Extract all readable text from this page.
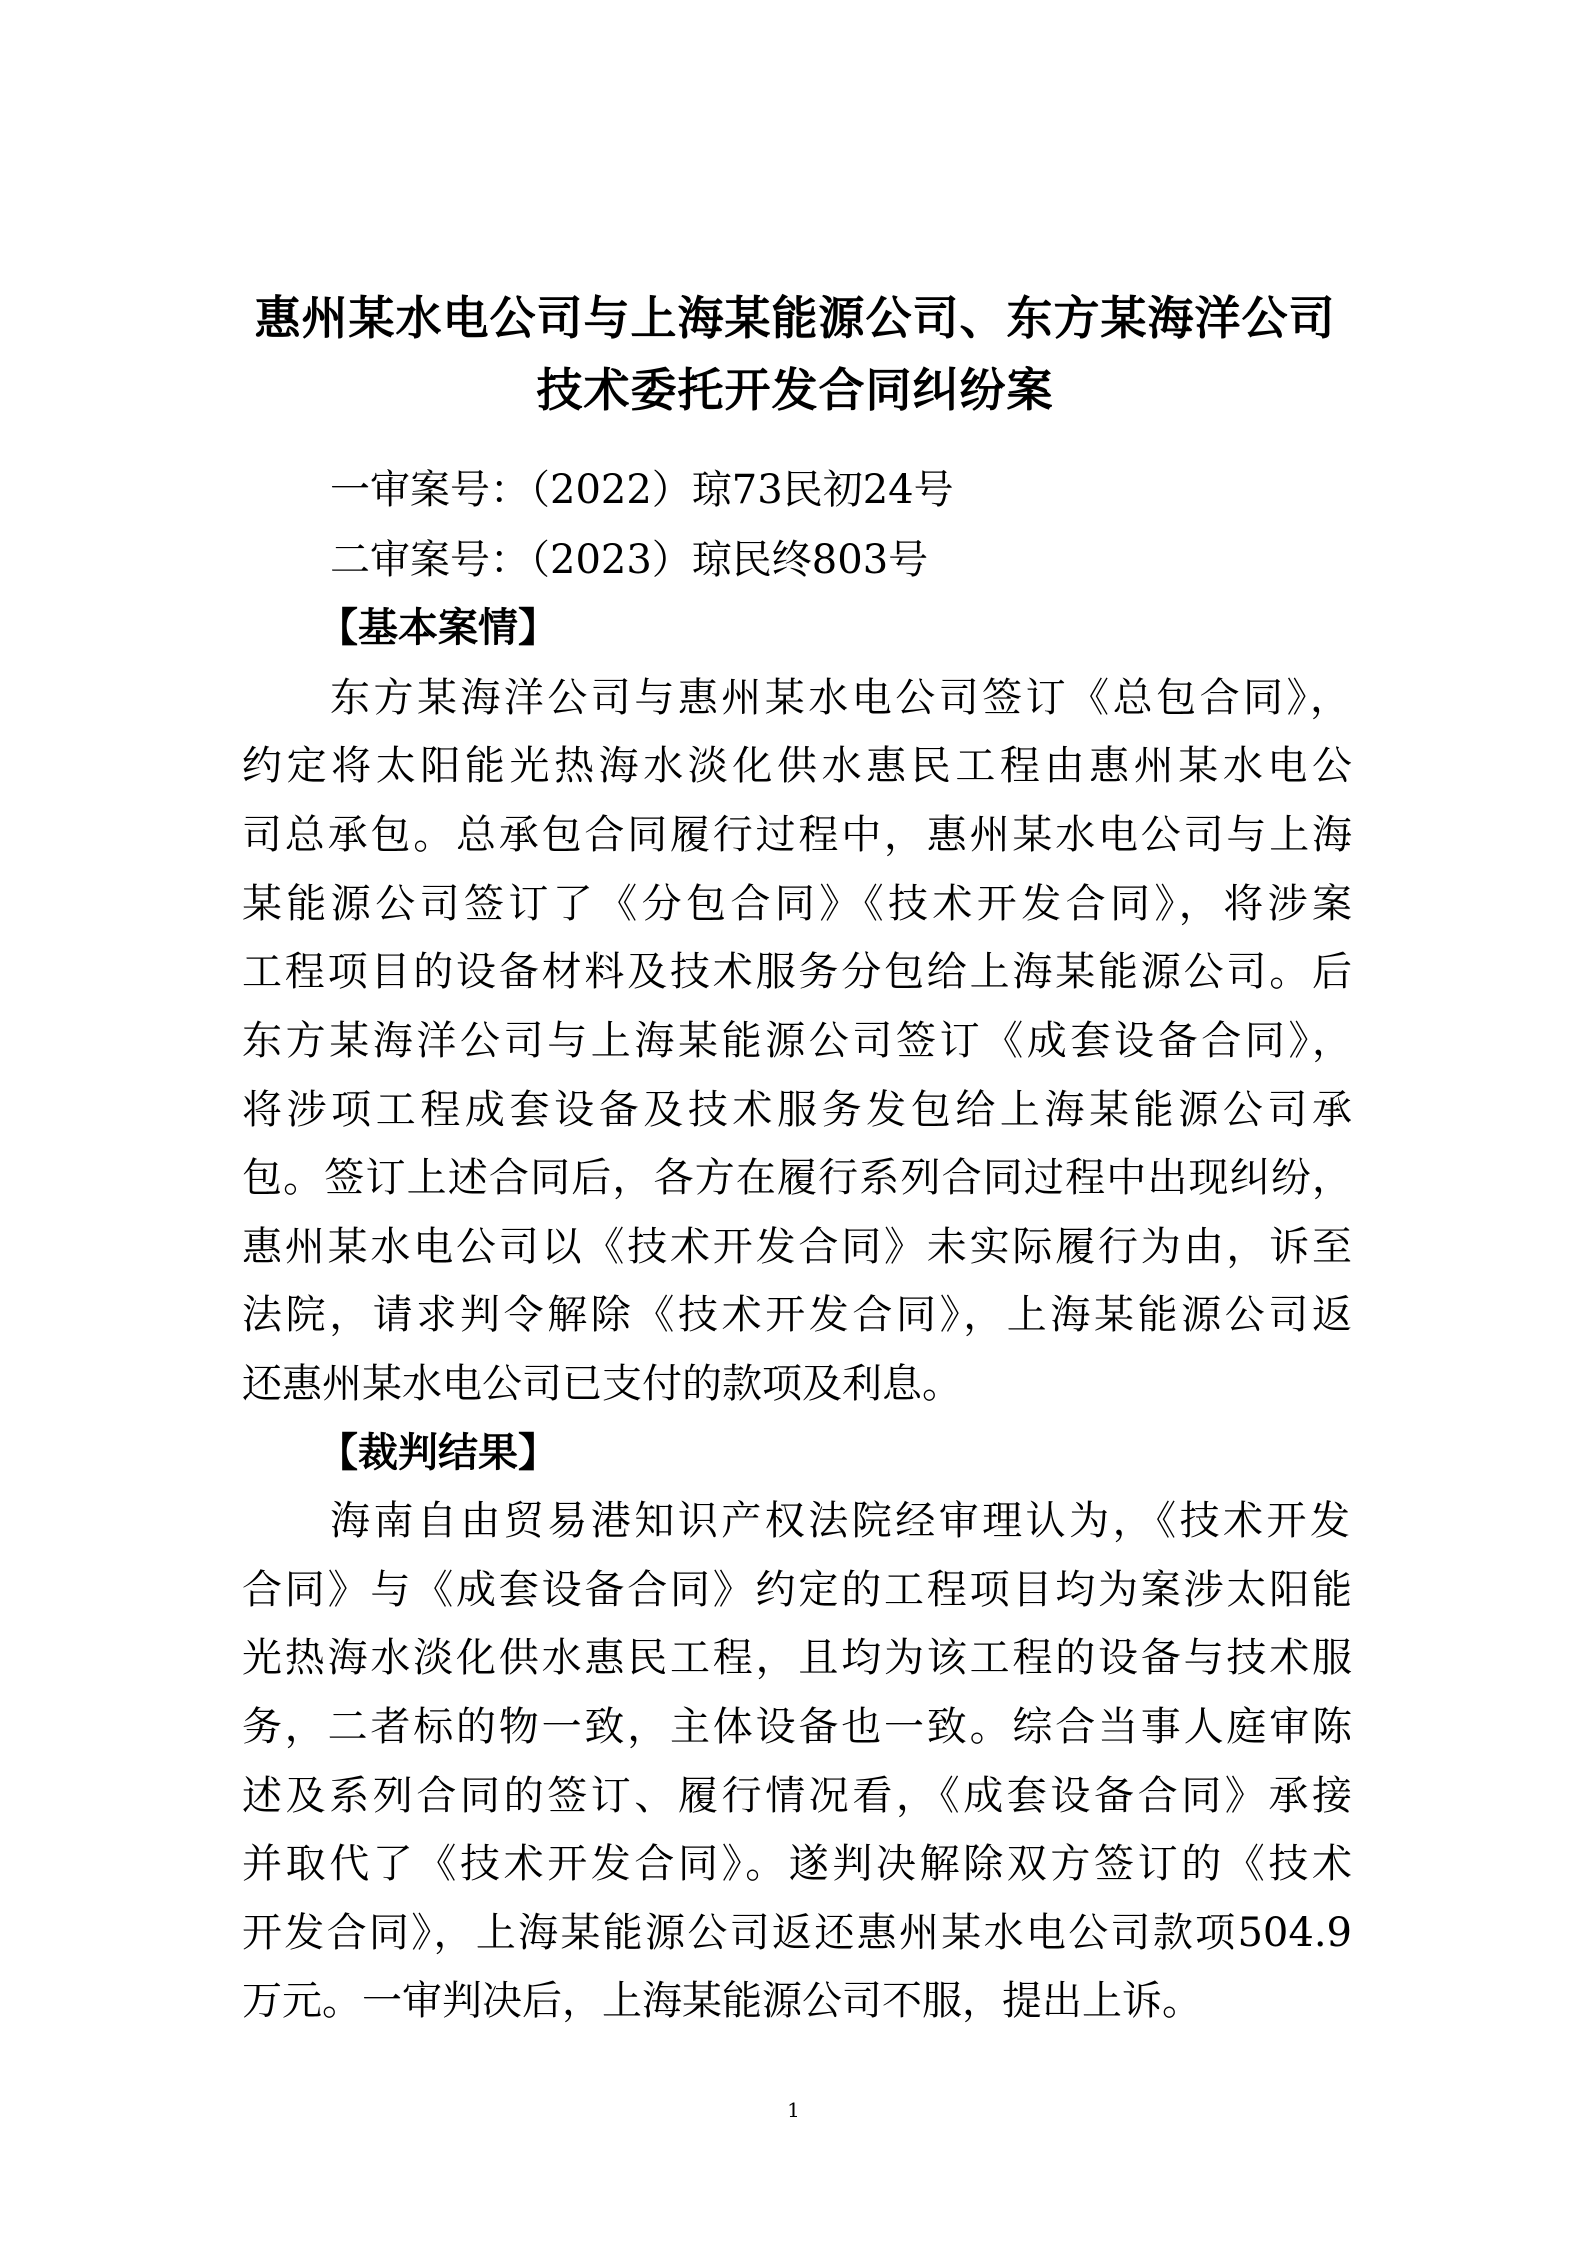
惠州某水电公司与上海某能源公司、东方某海洋公司
技术委托开发合同纠纷案
一审案号：（2022）琼73民初24号
二审案号：（2023）琼民终803号
【基本案情】
东方某海洋公司与惠州某水电公司签订《总包合同》，
约定将太阳能光热海水淡化供水惠民工程由惠州某水电公
司总承包。总承包合同履行过程中，惠州某水电公司与上海
某能源公司签订了《分包合同》《技术开发合同》，将涉案
工程项目的设备材料及技术服务分包给上海某能源公司。后
东方某海洋公司与上海某能源公司签订《成套设备合同》，
将涉项工程成套设备及技术服务发包给上海某能源公司承
包。签订上述合同后，各方在履行系列合同过程中出现纠纷，
惠州某水电公司以《技术开发合同》未实际履行为由，诉至
法院，请求判令解除《技术开发合同》，上海某能源公司返
还惠州某水电公司已支付的款项及利息。
【裁判结果】
海南自由贸易港知识产权法院经审理认为，《技术开发
合同》与《成套设备合同》约定的工程项目均为案涉太阳能
光热海水淡化供水惠民工程，且均为该工程的设备与技术服
务，二者标的物一致，主体设备也一致。综合当事人庭审陈
述及系列合同的签订、履行情况看，《成套设备合同》承接
并取代了《技术开发合同》。遂判决解除双方签订的《技术
开发合同》，上海某能源公司返还惠州某水电公司款项504.9
万元。一审判决后，上海某能源公司不服，提出上诉。
1
